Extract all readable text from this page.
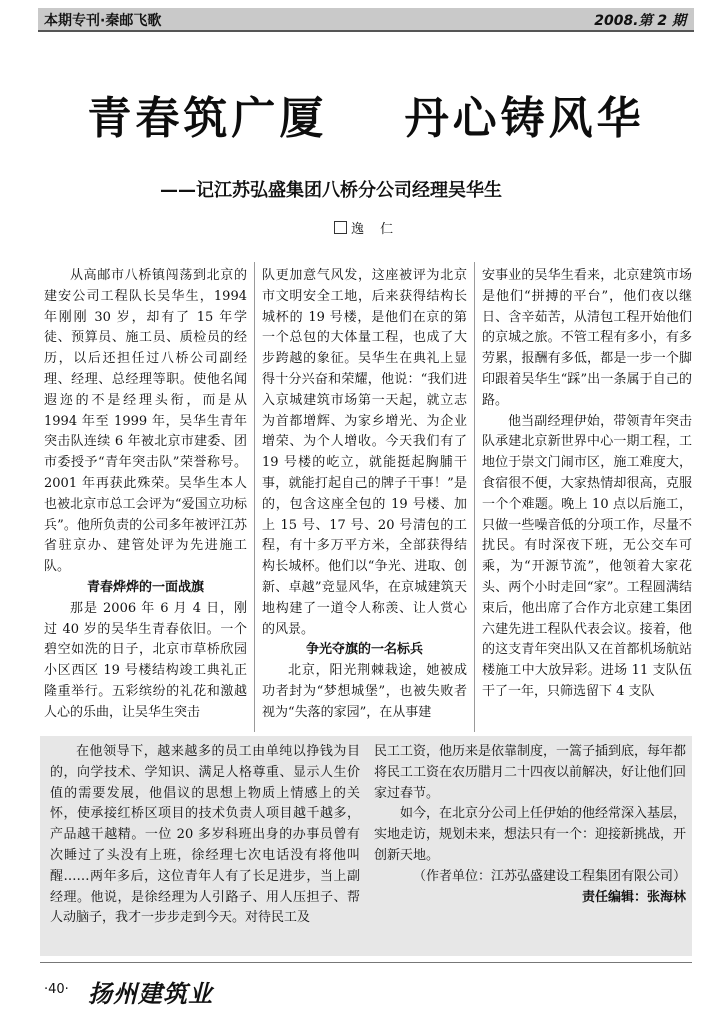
本期专刊·秦邮飞歌	2008.第 2 期
青春筑广厦    丹心铸风华
——记江苏弘盛集团八桥分公司经理吴华生
逸 仁

从高邮市八桥镇闯荡到北京的建安公司工程队长吴华生，1994 年刚刚 30 岁，却有了 15 年学徒、预算员、施工员、质检员的经历，以后还担任过八桥公司副经理、经理、总经理等职。使他名闻遐迩的不是经理头衔，而是从 1994 年至 1999 年，吴华生青年突击队连续 6 年被北京市建委、团市委授予“青年突击队”荣誉称号。2001 年再获此殊荣。吴华生本人也被北京市总工会评为“爱国立功标兵”。他所负责的公司多年被评江苏省驻京办、建管处评为先进施工队。

青春烨烨的一面战旗

那是 2006 年 6 月 4 日，刚过 40 岁的吴华生青春依旧。一个碧空如洗的日子，北京市草桥欣园小区西区 19 号楼结构竣工典礼正隆重举行。五彩缤纷的礼花和激越人心的乐曲，让吴华生突击

队更加意气风发，这座被评为北京市文明安全工地，后来获得结构长城杯的 19 号楼，是他们在京的第一个总包的大体量工程，也成了大步跨越的象征。吴华生在典礼上显得十分兴奋和荣耀，他说：“我们进入京城建筑市场第一天起，就立志为首都增辉、为家乡增光、为企业增荣、为个人增收。今天我们有了 19 号楼的屹立，就能挺起胸脯干事，就能打起自己的牌子干事！”是的，包含这座全包的 19 号楼、加上 15 号、17 号、20 号清包的工程，有十多万平方米，全部获得结构长城杯。他们以“争光、进取、创新、卓越”竞显风华，在京城建筑天地构建了一道令人称羡、让人赏心的风景。

争光夺旗的一名标兵

北京，阳光荆棘栽途，她被成功者封为“梦想城堡”，也被失败者视为“失落的家园”，在从事建

安事业的吴华生看来，北京建筑市场是他们“拼搏的平台”，他们夜以继日、含辛茹苦，从清包工程开始他们的京城之旅。不管工程有多小，有多劳累，报酬有多低，都是一步一个脚印跟着吴华生“踩”出一条属于自己的路。

他当副经理伊始，带领青年突击队承建北京新世界中心一期工程，工地位于崇文门闹市区，施工难度大，食宿很不便，大家热情却很高，克服一个个难题。晚上 10 点以后施工，只做一些噪音低的分项工作，尽量不扰民。有时深夜下班，无公交车可乘，为“开源节流”，他领着大家花头、两个小时走回“家”。工程圆满结束后，他出席了合作方北京建工集团六建先进工程队代表会议。接着，他的这支青年突出队又在首都机场航站楼施工中大放异彩。进场 11 支队伍干了一年，只筛选留下 4 支队

在他领导下，越来越多的员工由单纯以挣钱为目的，向学技术、学知识、满足人格尊重、显示人生价值的需要发展，他倡议的思想上物质上情感上的关怀，使承接红桥区项目的技术负责人项目越千越多，产品越干越精。一位 20 多岁科班出身的办事员曾有次睡过了头没有上班，徐经理七次电话没有将他叫醒……两年多后，这位青年人有了长足进步，当上副经理。他说，是徐经理为人引路子、用人压担子、帮人动脑子，我才一步步走到今天。对待民工及

民工工资，他历来是依靠制度，一篙子插到底，每年都将民工工资在农历腊月二十四夜以前解决，好让他们回家过春节。

如今，在北京分公司上任伊始的他经常深入基层，实地走访，规划未来，想法只有一个：迎接新挑战，开创新天地。

（作者单位：江苏弘盛建设工程集团有限公司）

责任编辑：张海林

·40· 扬州建筑业
